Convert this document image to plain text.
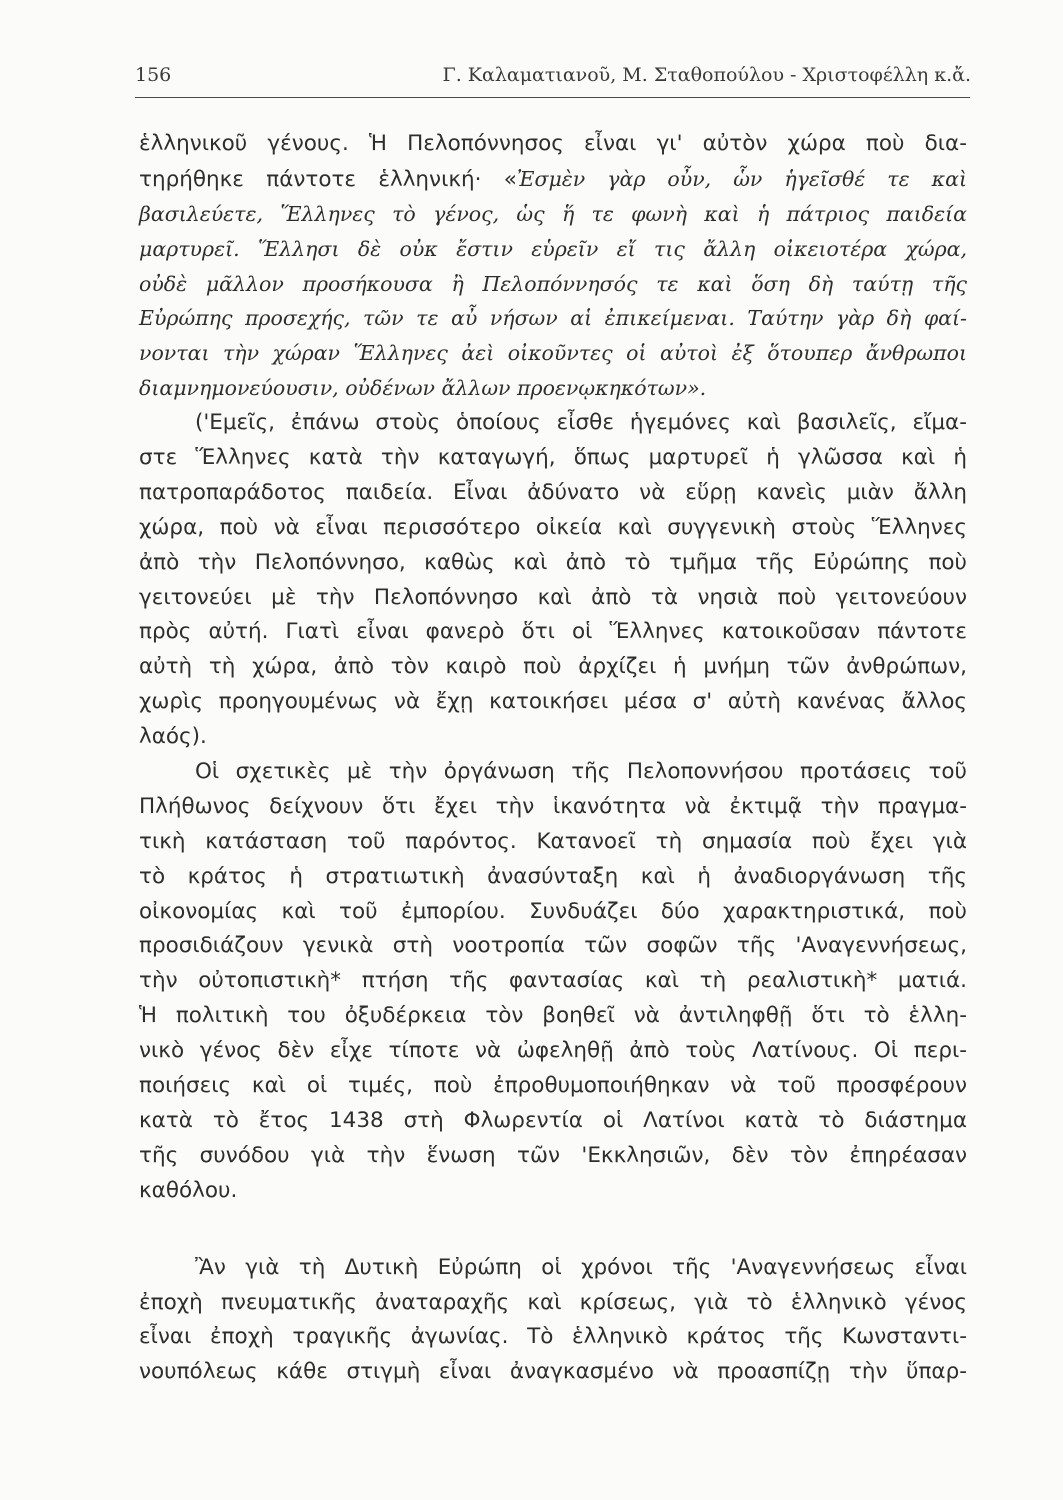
156	Γ. Καλαματιανοῦ, Μ. Σταθοπούλου - Χριστοφέλλη κ.ἄ.
ἑλληνικοῦ γένους. Ἡ Πελοπόννησος εἶναι γι' αὐτὸν χώρα ποὺ δια-
τηρήθηκε πάντοτε ἑλληνική· «Ἐσμὲν γὰρ οὖν, ὧν ἡγεῖσθέ τε καὶ
βασιλεύετε, Ἕλληνες τὸ γένος, ὡς ἥ τε φωνὴ καὶ ἡ πάτριος παιδεία
μαρτυρεῖ. Ἕλλησι δὲ οὐκ ἔστιν εὑρεῖν εἴ τις ἄλλη οἰκειοτέρα χώρα,
οὐδὲ μᾶλλον προσήκουσα ἢ Πελοπόννησός τε καὶ ὅση δὴ ταύτῃ τῆς
Εὐρώπης προσεχής, τῶν τε αὖ νήσων αἱ ἐπικείμεναι. Ταύτην γὰρ δὴ φαί-
νονται τὴν χώραν Ἕλληνες ἀεὶ οἰκοῦντες οἱ αὐτοὶ ἐξ ὅτουπερ ἄνθρωποι
διαμνημονεύουσιν, οὐδένων ἄλλων προενῳκηκότων».
('Εμεῖς, ἐπάνω στοὺς ὁποίους εἶσθε ἡγεμόνες καὶ βασιλεῖς, εἴμα-
στε Ἕλληνες κατὰ τὴν καταγωγή, ὅπως μαρτυρεῖ ἡ γλῶσσα καὶ ἡ
πατροπαράδοτος παιδεία. Εἶναι ἀδύνατο νὰ εὕρῃ κανεὶς μιὰν ἄλλη
χώρα, ποὺ νὰ εἶναι περισσότερο οἰκεία καὶ συγγενικὴ στοὺς Ἕλληνες
ἀπὸ τὴν Πελοπόννησο, καθὼς καὶ ἀπὸ τὸ τμῆμα τῆς Εὐρώπης ποὺ
γειτονεύει μὲ τὴν Πελοπόννησο καὶ ἀπὸ τὰ νησιὰ ποὺ γειτονεύουν
πρὸς αὐτή. Γιατὶ εἶναι φανερὸ ὅτι οἱ Ἕλληνες κατοικοῦσαν πάντοτε
αὐτὴ τὴ χώρα, ἀπὸ τὸν καιρὸ ποὺ ἀρχίζει ἡ μνήμη τῶν ἀνθρώπων,
χωρὶς προηγουμένως νὰ ἔχῃ κατοικήσει μέσα σ' αὐτὴ κανένας ἄλλος
λαός).
Οἱ σχετικὲς μὲ τὴν ὀργάνωση τῆς Πελοποννήσου προτάσεις τοῦ
Πλήθωνος δείχνουν ὅτι ἔχει τὴν ἱκανότητα νὰ ἐκτιμᾷ τὴν πραγμα-
τικὴ κατάσταση τοῦ παρόντος. Κατανοεῖ τὴ σημασία ποὺ ἔχει γιὰ
τὸ κράτος ἡ στρατιωτικὴ ἀνασύνταξη καὶ ἡ ἀναδιοργάνωση τῆς
οἰκονομίας καὶ τοῦ ἐμπορίου. Συνδυάζει δύο χαρακτηριστικά, ποὺ
προσιδιάζουν γενικὰ στὴ νοοτροπία τῶν σοφῶν τῆς 'Αναγεννήσεως,
τὴν οὐτοπιστικὴ* πτήση τῆς φαντασίας καὶ τὴ ρεαλιστικὴ* ματιά.
Ἡ πολιτικὴ του ὀξυδέρκεια τὸν βοηθεῖ νὰ ἀντιληφθῇ ὅτι τὸ ἑλλη-
νικὸ γένος δὲν εἶχε τίποτε νὰ ὠφεληθῇ ἀπὸ τοὺς Λατίνους. Οἱ περι-
ποιήσεις καὶ οἱ τιμές, ποὺ ἐπροθυμοποιήθηκαν νὰ τοῦ προσφέρουν
κατὰ τὸ ἔτος 1438 στὴ Φλωρεντία οἱ Λατίνοι κατὰ τὸ διάστημα
τῆς συνόδου γιὰ τὴν ἕνωση τῶν 'Εκκλησιῶν, δὲν τὸν ἐπηρέασαν
καθόλου.
Ἂν γιὰ τὴ Δυτικὴ Εὐρώπη οἱ χρόνοι τῆς 'Αναγεννήσεως εἶναι
ἐποχὴ πνευματικῆς ἀναταραχῆς καὶ κρίσεως, γιὰ τὸ ἑλληνικὸ γένος
εἶναι ἐποχὴ τραγικῆς ἀγωνίας. Τὸ ἑλληνικὸ κράτος τῆς Κωνσταντι-
νουπόλεως κάθε στιγμὴ εἶναι ἀναγκασμένο νὰ προασπίζῃ τὴν ὕπαρ-
